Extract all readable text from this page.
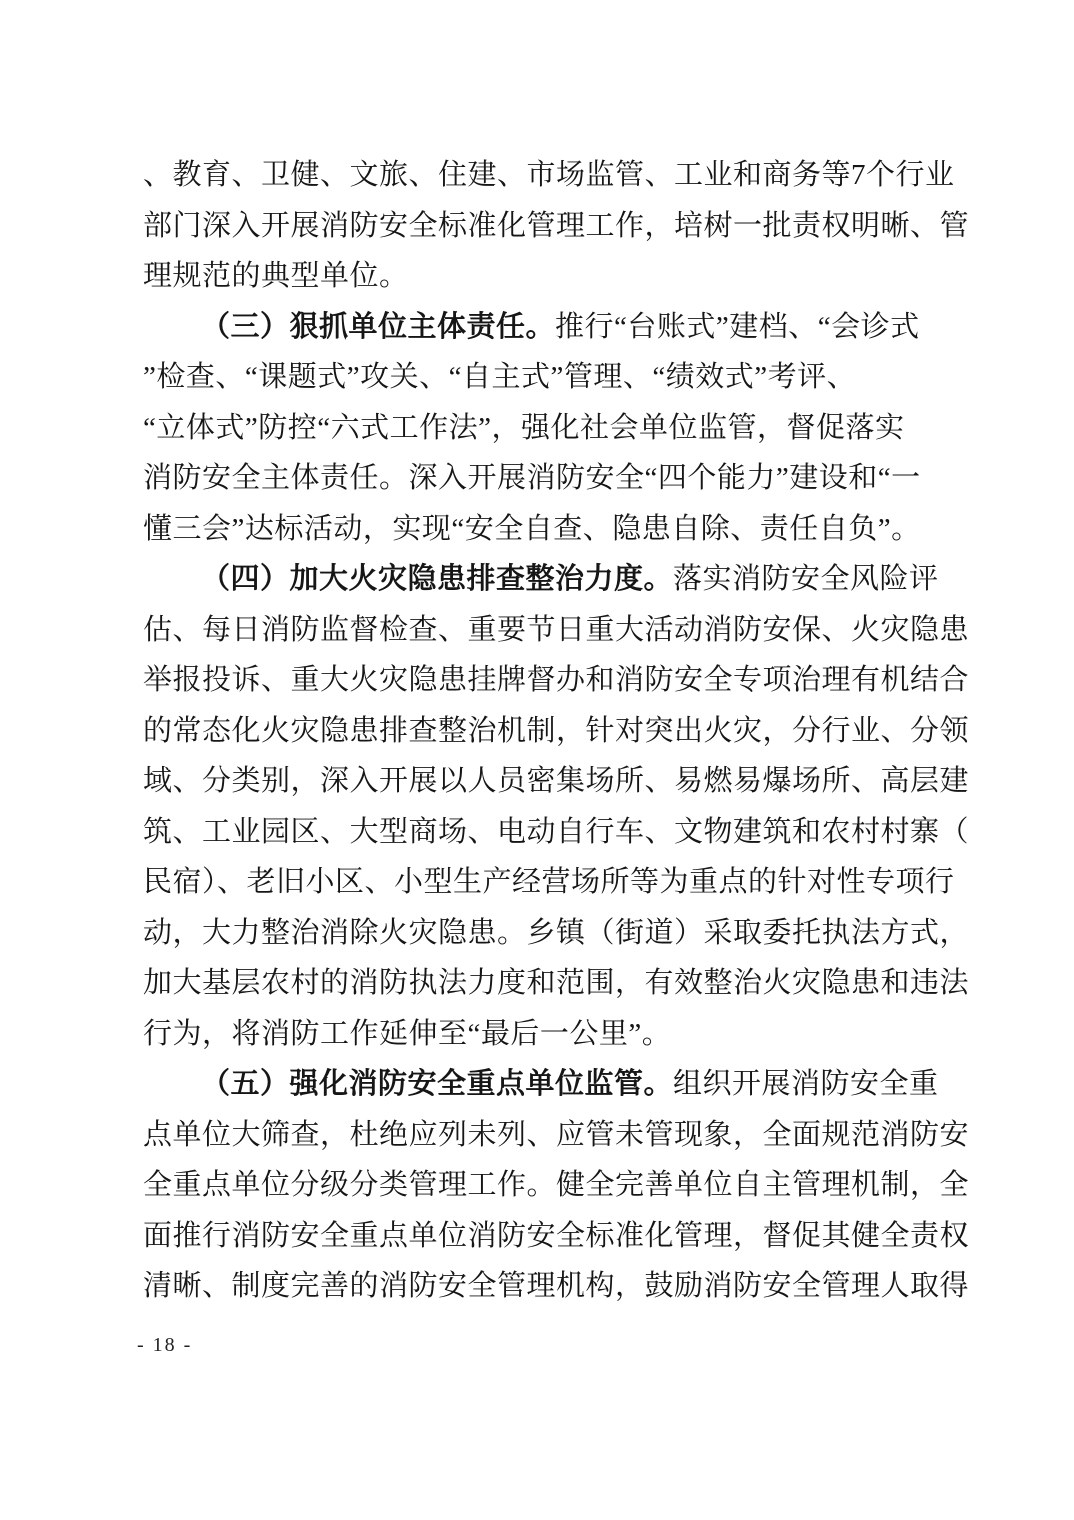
、教育、卫健、文旅、住建、市场监管、工业和商务等7个行业
部门深入开展消防安全标准化管理工作，培树一批责权明晰、管
理规范的典型单位。
（三）狠抓单位主体责任。推行“台账式”建档、“会诊式
”检查、“课题式”攻关、“自主式”管理、“绩效式”考评、
“立体式”防控“六式工作法”，强化社会单位监管，督促落实
消防安全主体责任。深入开展消防安全“四个能力”建设和“一
懂三会”达标活动，实现“安全自查、隐患自除、责任自负”。
（四）加大火灾隐患排查整治力度。落实消防安全风险评
估、每日消防监督检查、重要节日重大活动消防安保、火灾隐患
举报投诉、重大火灾隐患挂牌督办和消防安全专项治理有机结合
的常态化火灾隐患排查整治机制，针对突出火灾，分行业、分领
域、分类别，深入开展以人员密集场所、易燃易爆场所、高层建
筑、工业园区、大型商场、电动自行车、文物建筑和农村村寨（
民宿）、老旧小区、小型生产经营场所等为重点的针对性专项行
动，大力整治消除火灾隐患。乡镇（街道）采取委托执法方式，
加大基层农村的消防执法力度和范围，有效整治火灾隐患和违法
行为，将消防工作延伸至“最后一公里”。
（五）强化消防安全重点单位监管。组织开展消防安全重
点单位大筛查，杜绝应列未列、应管未管现象，全面规范消防安
全重点单位分级分类管理工作。健全完善单位自主管理机制，全
面推行消防安全重点单位消防安全标准化管理，督促其健全责权
清晰、制度完善的消防安全管理机构，鼓励消防安全管理人取得
- 18 -
